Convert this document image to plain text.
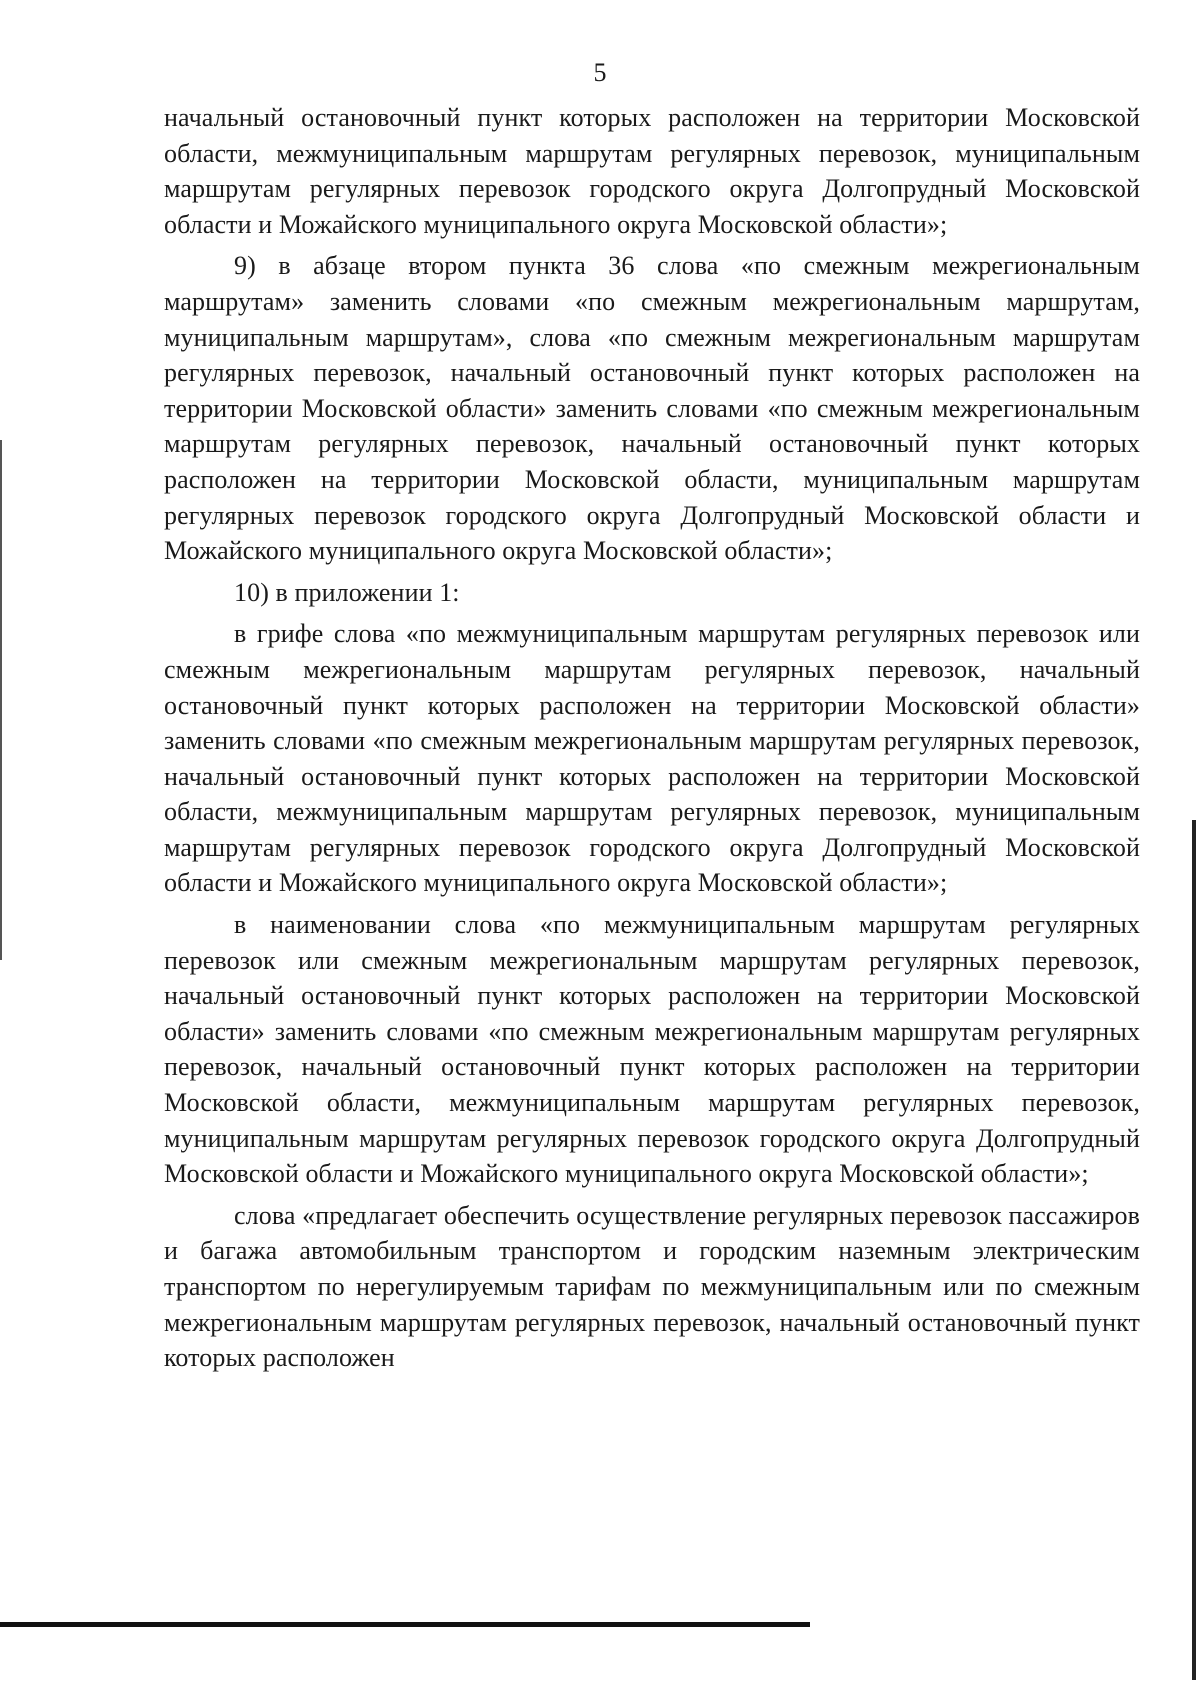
5

начальный остановочный пункт которых расположен на территории Московской области, межмуниципальным маршрутам регулярных перевозок, муниципальным маршрутам регулярных перевозок городского округа Долгопрудный Московской области и Можайского муниципального округа Московской области»;

9) в абзаце втором пункта 36 слова «по смежным межрегиональным маршрутам» заменить словами «по смежным межрегиональным маршрутам, муниципальным маршрутам», слова «по смежным межрегиональным маршрутам регулярных перевозок, начальный остановочный пункт которых расположен на территории Московской области» заменить словами «по смежным межрегиональным маршрутам регулярных перевозок, начальный остановочный пункт которых расположен на территории Московской области, муниципальным маршрутам регулярных перевозок городского округа Долгопрудный Московской области и Можайского муниципального округа Московской области»;

10) в приложении 1:

в грифе слова «по межмуниципальным маршрутам регулярных перевозок или смежным межрегиональным маршрутам регулярных перевозок, начальный остановочный пункт которых расположен на территории Московской области» заменить словами «по смежным межрегиональным маршрутам регулярных перевозок, начальный остановочный пункт которых расположен на территории Московской области, межмуниципальным маршрутам регулярных перевозок, муниципальным маршрутам регулярных перевозок городского округа Долгопрудный Московской области и Можайского муниципального округа Московской области»;

в наименовании слова «по межмуниципальным маршрутам регулярных перевозок или смежным межрегиональным маршрутам регулярных перевозок, начальный остановочный пункт которых расположен на территории Московской области» заменить словами «по смежным межрегиональным маршрутам регулярных перевозок, начальный остановочный пункт которых расположен на территории Московской области, межмуниципальным маршрутам регулярных перевозок, муниципальным маршрутам регулярных перевозок городского округа Долгопрудный Московской области и Можайского муниципального округа Московской области»;

слова «предлагает обеспечить осуществление регулярных перевозок пассажиров и багажа автомобильным транспортом и городским наземным электрическим транспортом по нерегулируемым тарифам по межмуниципальным или по смежным межрегиональным маршрутам регулярных перевозок, начальный остановочный пункт которых расположен
